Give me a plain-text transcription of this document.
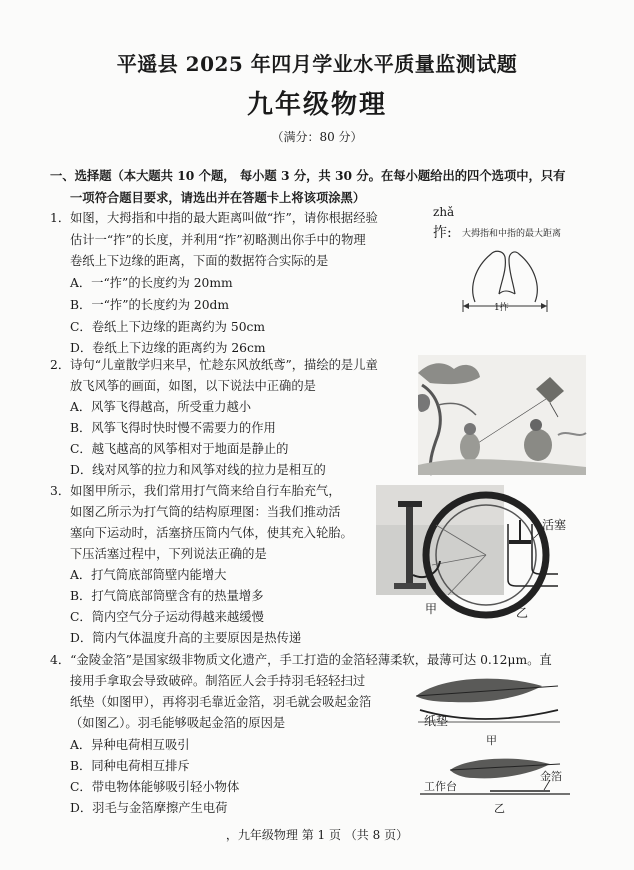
平遥县 2025 年四月学业水平质量监测试题
九年级物理
（满分：80 分）
一、选择题（本大题共 10 个题， 每小题 3 分，共 30 分。在每小题给出的四个选项中，只有
一项符合题目要求，请选出并在答题卡上将该项涂黑）
1．如图，大拇指和中指的最大距离叫做“拃”，请你根据经验
估计一“拃”的长度，并利用“拃”初略测出你手中的物理
卷纸上下边缘的距离，下面的数据符合实际的是
A．一“拃”的长度约为 20mm
B．一“拃”的长度约为 20dm
C．卷纸上下边缘的距离约为 50cm
D．卷纸上下边缘的距离约为 26cm
zhǎ
拃: 大拇指和中指的最大距离
1拃
2．诗句“儿童散学归来早，忙趁东风放纸鸢”，描绘的是儿童
放飞风筝的画面，如图，以下说法中正确的是
A．风筝飞得越高，所受重力越小
B．风筝飞得时快时慢不需要力的作用
C．越飞越高的风筝相对于地面是静止的
D．线对风筝的拉力和风筝对线的拉力是相互的
3．如图甲所示，我们常用打气筒来给自行车胎充气，
如图乙所示为打气筒的结构原理图：当我们推动活
塞向下运动时，活塞挤压筒内气体，使其充入轮胎。
下压活塞过程中，下列说法正确的是
A．打气筒底部筒壁内能增大
B．打气筒底部筒壁含有的热量增多
C．筒内空气分子运动得越来越缓慢
D．筒内气体温度升高的主要原因是热传递
甲
活塞
乙
4．“金陵金箔”是国家级非物质文化遗产，手工打造的金箔轻薄柔软，最薄可达 0.12μm。直
接用手拿取会导致破碎。制箔匠人会手持羽毛轻轻扫过
纸垫（如图甲），再将羽毛靠近金箔，羽毛就会吸起金箔
（如图乙）。羽毛能够吸起金箔的原因是
A．异种电荷相互吸引
B．同种电荷相互排斥
C．带电物体能够吸引轻小物体
D．羽毛与金箔摩擦产生电荷
纸垫
甲
工作台
金箔
乙
，九年级物理 第 1 页 （共 8 页）
